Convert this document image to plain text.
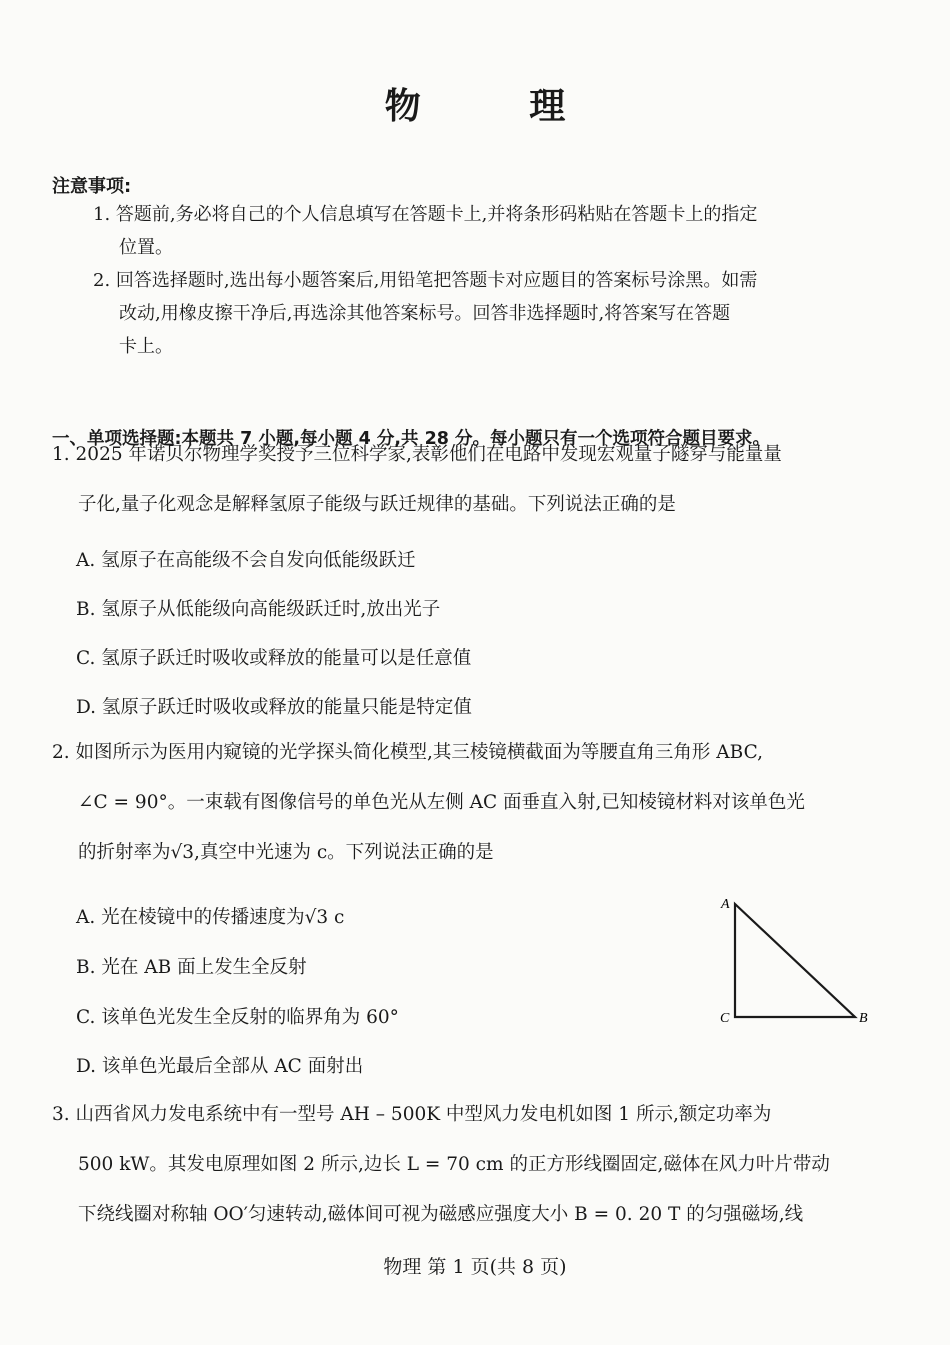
物 理
注意事项:
1. 答题前,务必将自己的个人信息填写在答题卡上,并将条形码粘贴在答题卡上的指定
位置。
2. 回答选择题时,选出每小题答案后,用铅笔把答题卡对应题目的答案标号涂黑。如需
改动,用橡皮擦干净后,再选涂其他答案标号。回答非选择题时,将答案写在答题
卡上。
一、单项选择题:本题共 7 小题,每小题 4 分,共 28 分。每小题只有一个选项符合题目要求。
1. 2025 年诺贝尔物理学奖授予三位科学家,表彰他们在电路中发现宏观量子隧穿与能量量
子化,量子化观念是解释氢原子能级与跃迁规律的基础。下列说法正确的是
A. 氢原子在高能级不会自发向低能级跃迁
B. 氢原子从低能级向高能级跃迁时,放出光子
C. 氢原子跃迁时吸收或释放的能量可以是任意值
D. 氢原子跃迁时吸收或释放的能量只能是特定值
2. 如图所示为医用内窥镜的光学探头简化模型,其三棱镜横截面为等腰直角三角形 ABC,
∠C = 90°。一束载有图像信号的单色光从左侧 AC 面垂直入射,已知棱镜材料对该单色光
的折射率为√3,真空中光速为 c。下列说法正确的是
A. 光在棱镜中的传播速度为√3 c
B. 光在 AB 面上发生全反射
C. 该单色光发生全反射的临界角为 60°
D. 该单色光最后全部从 AC 面射出
A
B
C
3. 山西省风力发电系统中有一型号 AH – 500K 中型风力发电机如图 1 所示,额定功率为
500 kW。其发电原理如图 2 所示,边长 L = 70 cm 的正方形线圈固定,磁体在风力叶片带动
下绕线圈对称轴 OO′匀速转动,磁体间可视为磁感应强度大小 B = 0. 20 T 的匀强磁场,线
物理 第 1 页(共 8 页)
